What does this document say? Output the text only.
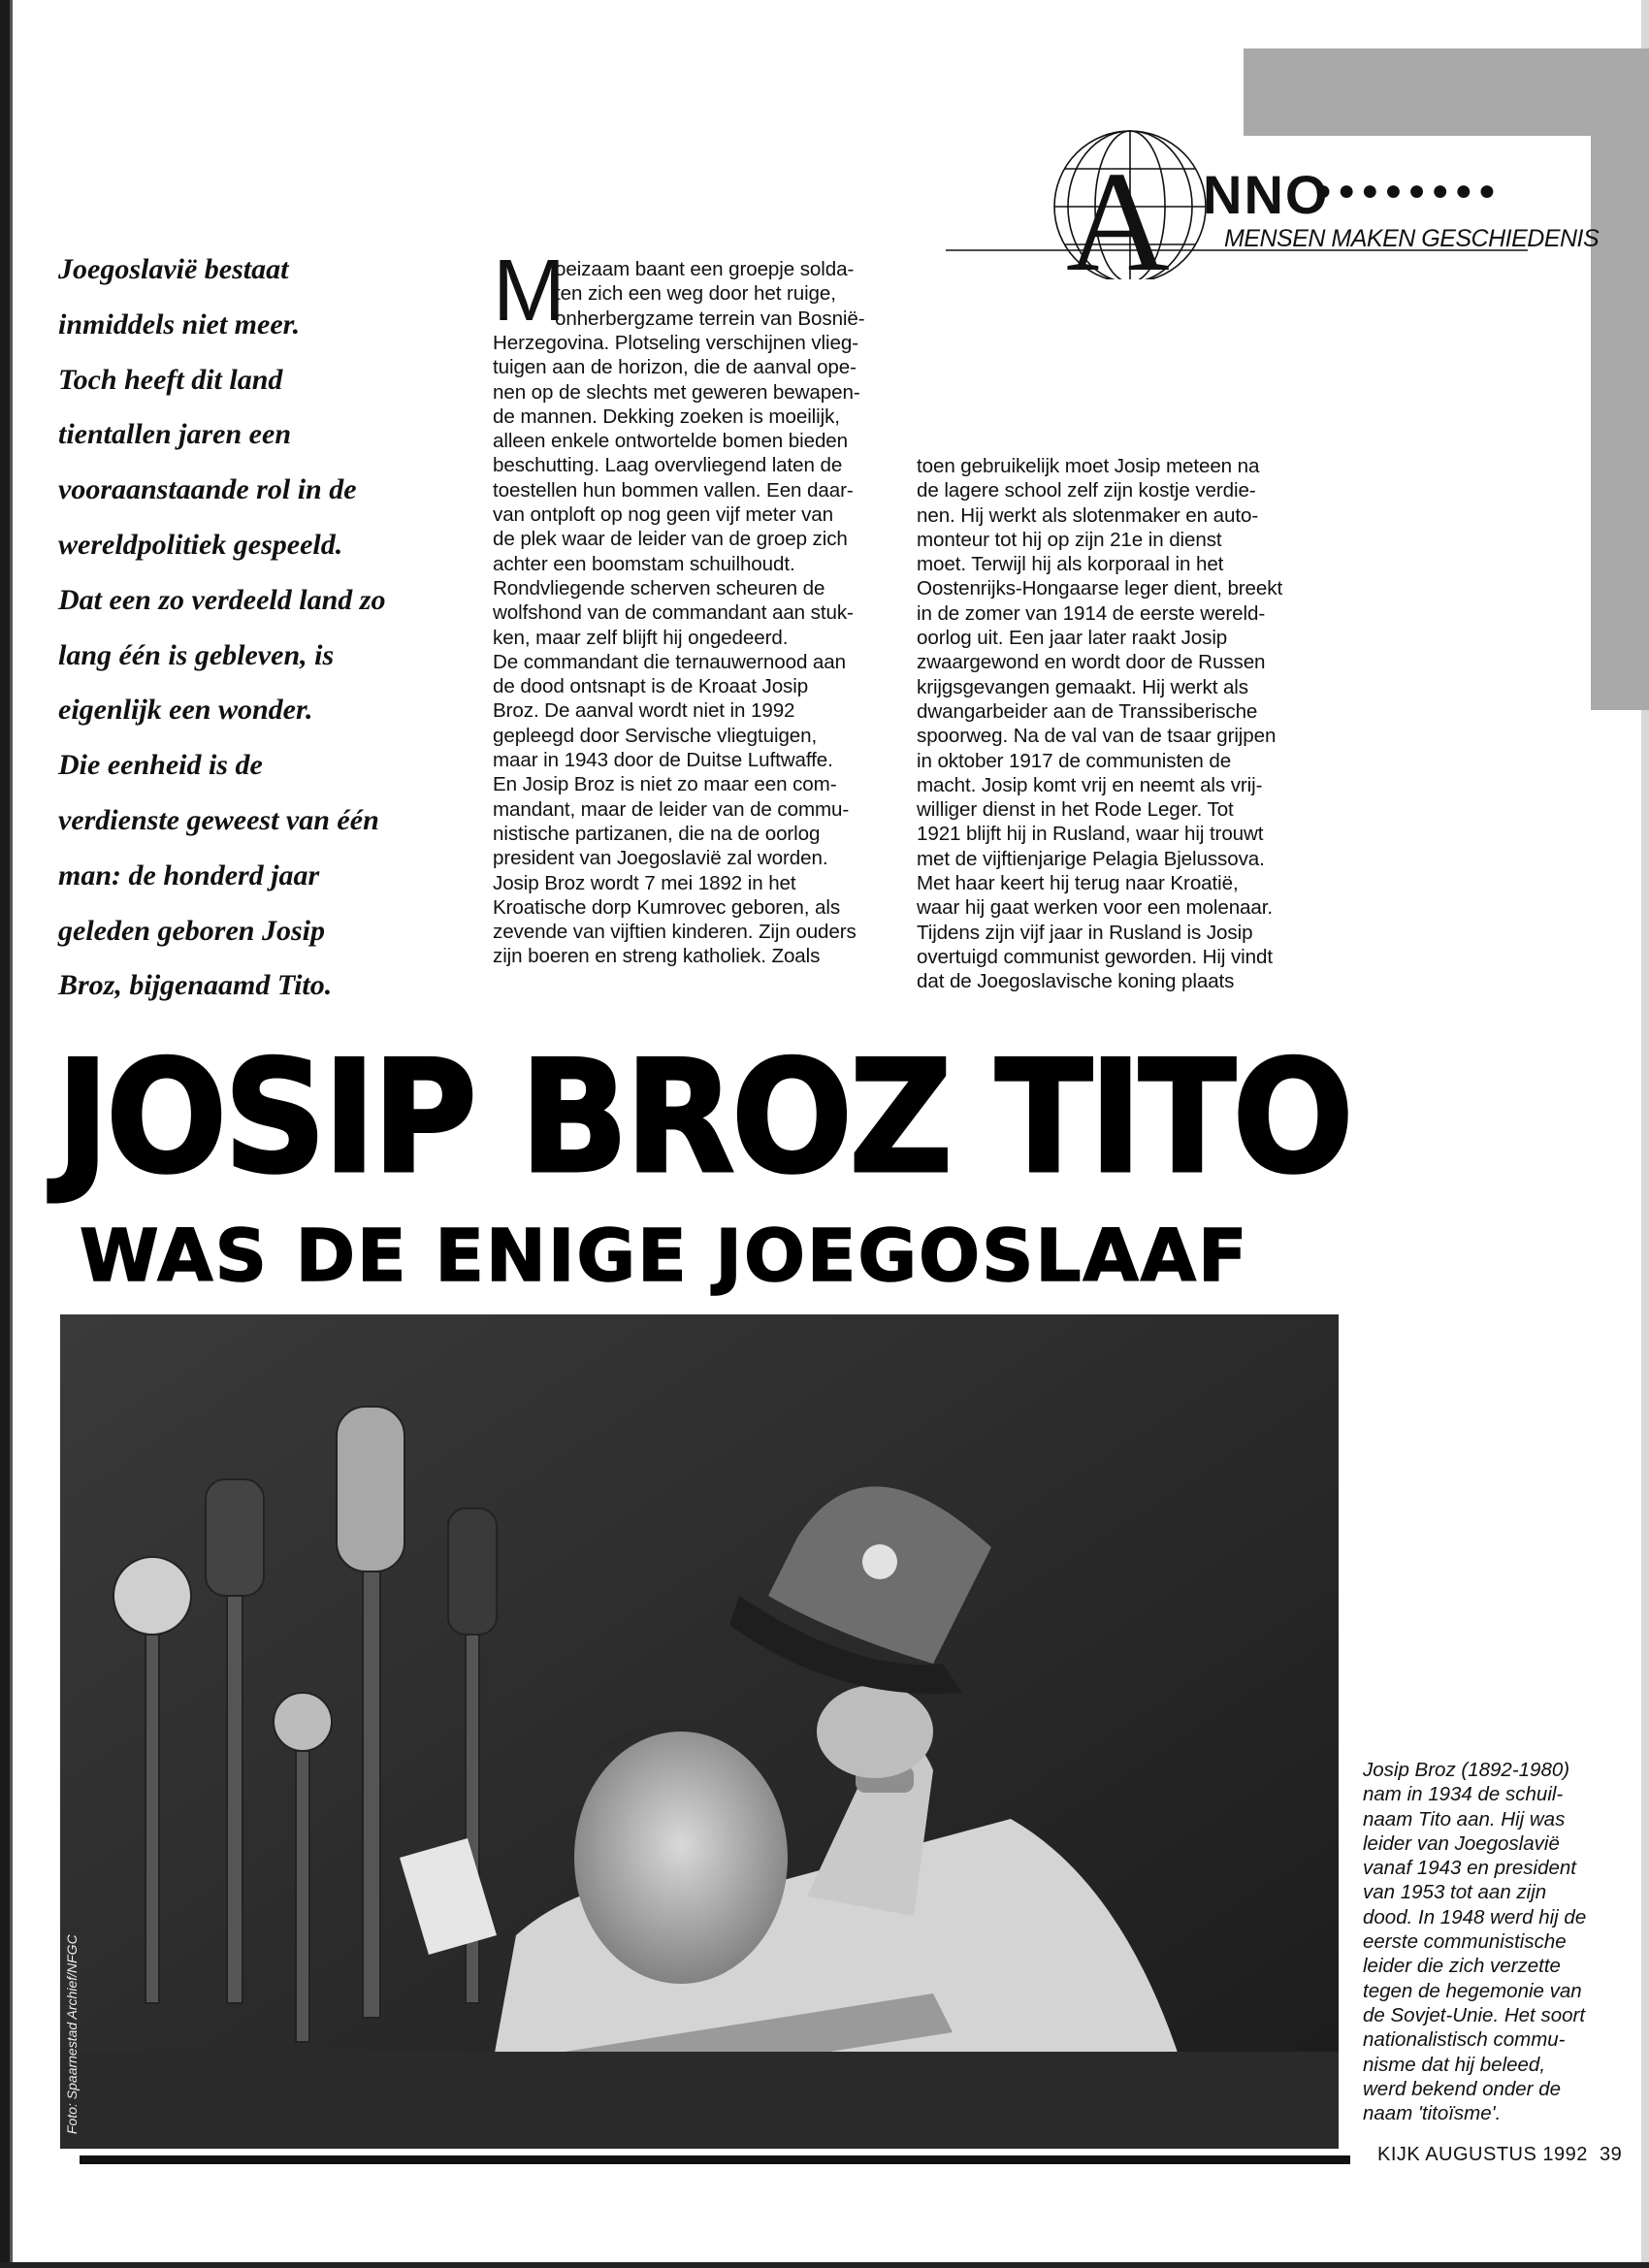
A NNO
●●●●●●●●
MENSEN MAKEN GESCHIEDENIS
Joegoslavië bestaat
inmiddels niet meer.
Toch heeft dit land
tientallen jaren een
vooraanstaande rol in de
wereldpolitiek gespeeld.
Dat een zo verdeeld land zo
lang één is gebleven, is
eigenlijk een wonder.
Die eenheid is de
verdienste geweest van één
man: de honderd jaar
geleden geboren Josip
Broz, bijgenaamd Tito.
M
oeizaam baant een groepje solda-
ten zich een weg door het ruige,
onherbergzame terrein van Bosnië-
Herzegovina. Plotseling verschijnen vlieg-
tuigen aan de horizon, die de aanval ope-
nen op de slechts met geweren bewapen-
de mannen. Dekking zoeken is moeilijk,
alleen enkele ontwortelde bomen bieden
beschutting. Laag overvliegend laten de
toestellen hun bommen vallen. Een daar-
van ontploft op nog geen vijf meter van
de plek waar de leider van de groep zich
achter een boomstam schuilhoudt.
Rondvliegende scherven scheuren de
wolfshond van de commandant aan stuk-
ken, maar zelf blijft hij ongedeerd.
De commandant die ternauwernood aan
de dood ontsnapt is de Kroaat Josip
Broz. De aanval wordt niet in 1992
gepleegd door Servische vliegtuigen,
maar in 1943 door de Duitse Luftwaffe.
En Josip Broz is niet zo maar een com-
mandant, maar de leider van de commu-
nistische partizanen, die na de oorlog
president van Joegoslavië zal worden.
Josip Broz wordt 7 mei 1892 in het
Kroatische dorp Kumrovec geboren, als
zevende van vijftien kinderen. Zijn ouders
zijn boeren en streng katholiek. Zoals
toen gebruikelijk moet Josip meteen na
de lagere school zelf zijn kostje verdie-
nen. Hij werkt als slotenmaker en auto-
monteur tot hij op zijn 21e in dienst
moet. Terwijl hij als korporaal in het
Oostenrijks-Hongaarse leger dient, breekt
in de zomer van 1914 de eerste wereld-
oorlog uit. Een jaar later raakt Josip
zwaargewond en wordt door de Russen
krijgsgevangen gemaakt. Hij werkt als
dwangarbeider aan de Transsiberische
spoorweg. Na de val van de tsaar grijpen
in oktober 1917 de communisten de
macht. Josip komt vrij en neemt als vrij-
williger dienst in het Rode Leger. Tot
1921 blijft hij in Rusland, waar hij trouwt
met de vijftienjarige Pelagia Bjelussova.
Met haar keert hij terug naar Kroatië,
waar hij gaat werken voor een molenaar.
Tijdens zijn vijf jaar in Rusland is Josip
overtuigd communist geworden. Hij vindt
dat de Joegoslavische koning plaats
JOSIP BROZ TITO
WAS DE ENIGE JOEGOSLAAF
Foto: Spaarnestad Archief/NFGC
Josip Broz (1892-1980)
nam in 1934 de schuil-
naam Tito aan. Hij was
leider van Joegoslavië
vanaf 1943 en president
van 1953 tot aan zijn
dood. In 1948 werd hij de
eerste communistische
leider die zich verzette
tegen de hegemonie van
de Sovjet-Unie. Het soort
nationalistisch commu-
nisme dat hij beleed,
werd bekend onder de
naam 'titoïsme'.
KIJK AUGUSTUS 1992  39
